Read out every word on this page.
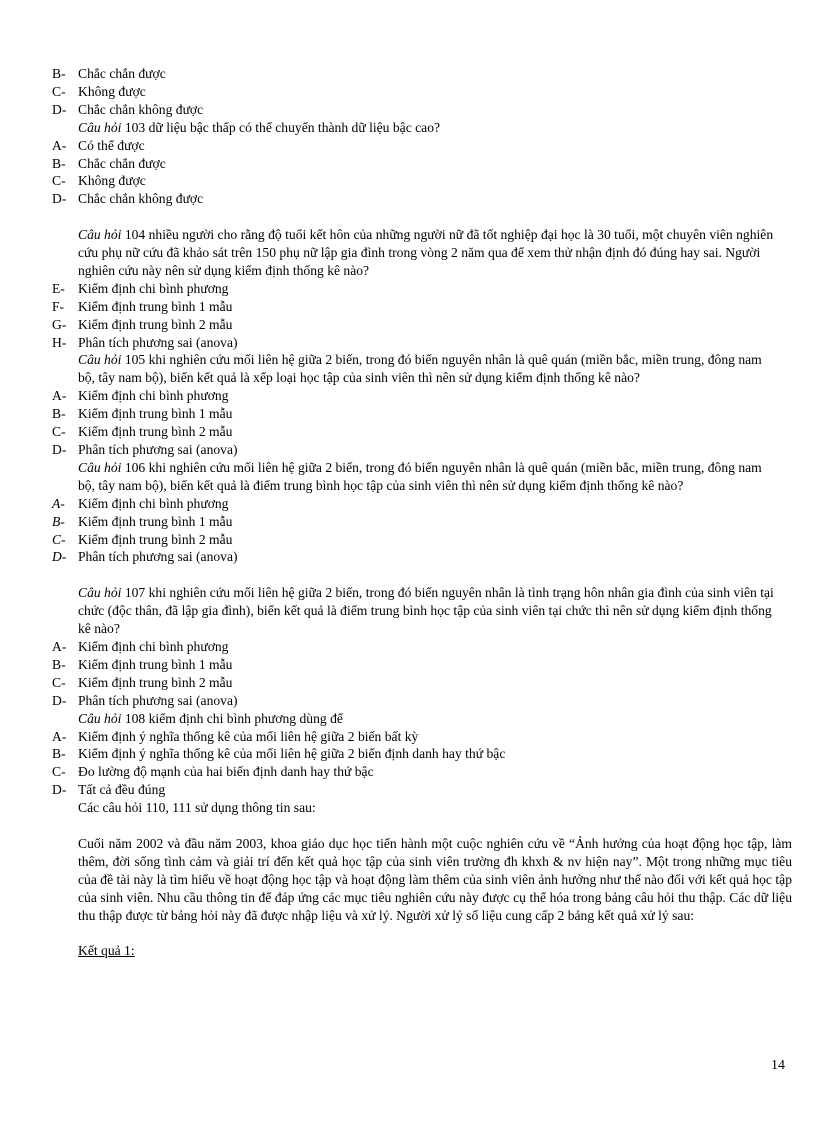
B- Chắc chắn được
C- Không được
D- Chắc chắn không được
Câu hỏi 103 dữ liệu bậc thấp có thể chuyển thành dữ liệu bậc cao?
A- Có thể được
B- Chắc chắn được
C- Không được
D- Chắc chắn không được
Câu hỏi 104 nhiều người cho rằng độ tuổi kết hôn của những người nữ đã tốt nghiệp đại học là 30 tuổi, một chuyên viên nghiên cứu phụ nữ cứu đã khảo sát trên 150 phụ nữ lập gia đình trong vòng 2 năm qua để xem thử nhận định đó đúng hay sai. Người nghiên cứu này nên sử dụng kiểm định thống kê nào?
E- Kiểm định chi bình phương
F-	Kiểm định trung bình 1 mẫu
G- Kiểm định trung bình 2 mẫu
H- Phân tích phương sai (anova)
Câu hỏi 105 khi nghiên cứu mối liên hệ giữa 2 biến, trong đó biến nguyên nhân là quê quán (miền bắc, miền trung, đông nam bộ, tây nam bộ), biến kết quả là xếp loại học tập của sinh viên thì nên sử dụng kiểm định thống kê nào?
A- Kiểm định chi bình phương
B- Kiểm định trung bình 1 mẫu
C- Kiểm định trung bình 2 mẫu
D- Phân tích phương sai (anova)
Câu hỏi 106 khi nghiên cứu mối liên hệ giữa 2 biến, trong đó biến nguyên nhân là quê quán (miền bắc, miền trung, đông nam bộ, tây nam bộ), biến kết quả là điểm trung bình học tập của sinh viên thì nên sử dụng kiểm định thống kê nào?
A- Kiểm định chi bình phương
B- Kiểm định trung bình 1 mẫu
C- Kiểm định trung bình 2 mẫu
D- Phân tích phương sai (anova)
Câu hỏi 107 khi nghiên cứu mối liên hệ giữa 2 biến, trong đó biến nguyên nhân là tình trạng hôn nhân gia đình của sinh viên tại chức (độc thân, đã lập gia đình), biến kết quả là điểm trung bình học tập của sinh viên tại chức thì nên sử dụng kiểm định thống kê nào?
A- Kiểm định chi bình phương
B- Kiểm định trung bình 1 mẫu
C- Kiểm định trung bình 2 mẫu
D- Phân tích phương sai (anova)
Câu hỏi 108 kiểm định chi bình phương dùng để
A- Kiểm định ý nghĩa thống kê của mối liên hệ giữa 2 biến bất kỳ
B- Kiểm định ý nghĩa thống kê của mối liên hệ giữa 2 biến định danh hay thứ bậc
C- Đo lường độ mạnh của hai biến định danh hay thứ bậc
D- Tất cả đều đúng
Các câu hỏi 110, 111 sử dụng thông tin sau:
Cuối năm 2002 và đầu năm 2003, khoa giáo dục học tiến hành một cuộc nghiên cứu về “Ảnh hưởng của hoạt động học tập, làm thêm, đời sống tình cảm và giải trí đến kết quả học tập của sinh viên trường đh khxh & nv hiện nay”. Một trong những mục tiêu của đề tài này là tìm hiểu về hoạt động học tập và hoạt động làm thêm của sinh viên ảnh hưởng như thế nào đối với kết quả học tập của sinh viên. Nhu cầu thông tin để đáp ứng các mục tiêu nghiên cứu này được cụ thể hóa trong bảng câu hỏi thu thập. Các dữ liệu thu thập được từ bảng hỏi này đã được nhập liệu và xử lý. Người xử lý số liệu cung cấp 2 bảng kết quả xử lý sau:
Kết quả 1:
14
